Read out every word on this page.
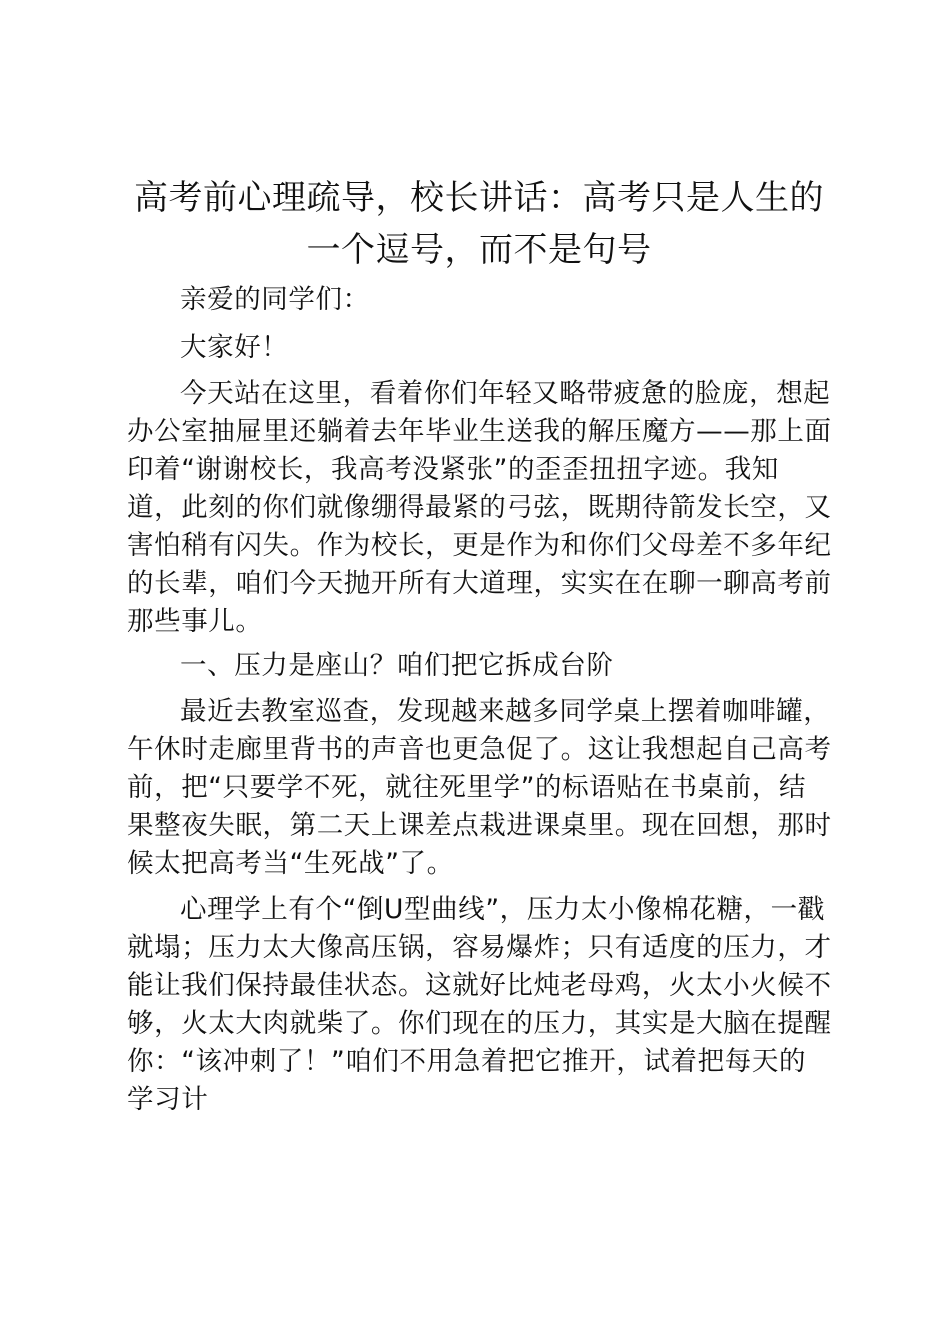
高考前心理疏导，校长讲话：高考只是人生的一个逗号，而不是句号

亲爱的同学们：

大家好！

今天站在这里，看着你们年轻又略带疲惫的脸庞，想起办公室抽屉里还躺着去年毕业生送我的解压魔方——那上面印着“谢谢校长，我高考没紧张”的歪歪扭扭字迹。我知道，此刻的你们就像绷得最紧的弓弦，既期待箭发长空，又害怕稍有闪失。作为校长，更是作为和你们父母差不多年纪的长辈，咱们今天抛开所有大道理，实实在在聊一聊高考前那些事儿。

一、压力是座山？咱们把它拆成台阶

最近去教室巡查，发现越来越多同学桌上摆着咖啡罐，午休时走廊里背书的声音也更急促了。这让我想起自己高考前，把“只要学不死，就往死里学”的标语贴在书桌前，结果整夜失眠，第二天上课差点栽进课桌里。现在回想，那时候太把高考当“生死战”了。

心理学上有个“倒U型曲线”，压力太小像棉花糖，一戳就塌；压力太大像高压锅，容易爆炸；只有适度的压力，才能让我们保持最佳状态。这就好比炖老母鸡，火太小火候不够，火太大肉就柴了。你们现在的压力，其实是大脑在提醒你：“该冲刺了！”咱们不用急着把它推开，试着把每天的学习计
